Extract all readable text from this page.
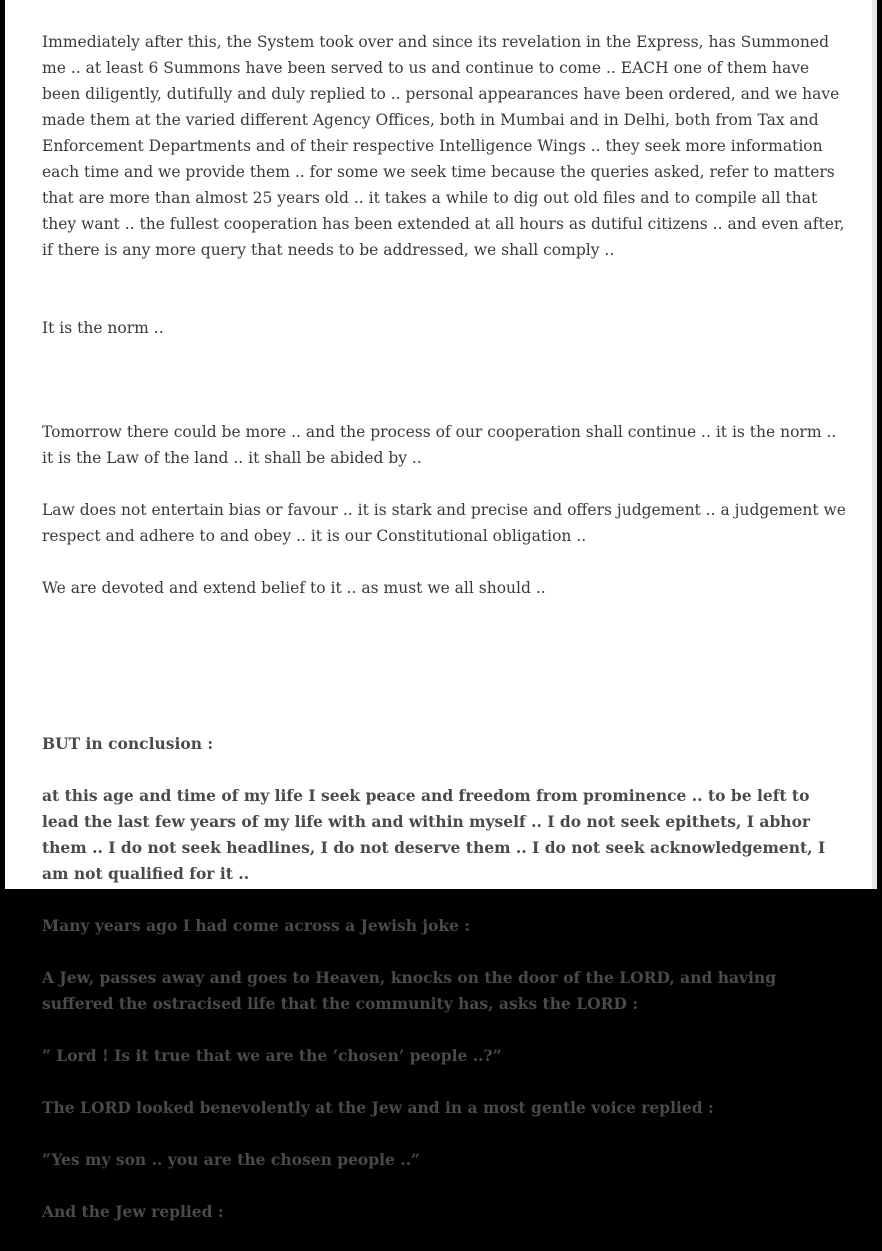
Immediately after this, the System took over and since its revelation in the Express, has Summoned me .. at least 6 Summons have been served to us and continue to come .. EACH one of them have been diligently, dutifully and duly replied to .. personal appearances have been ordered, and we have made them at the varied different Agency Offices, both in Mumbai and in Delhi, both from Tax and Enforcement Departments and of their respective Intelligence Wings .. they seek more information each time and we provide them .. for some we seek time because the queries asked, refer to matters that are more than almost 25 years old .. it takes a while to dig out old files and to compile all that they want .. the fullest cooperation has been extended at all hours as dutiful citizens .. and even after, if there is any more query that needs to be addressed, we shall comply ..

It is the norm ..

Tomorrow there could be more .. and the process of our cooperation shall continue .. it is the norm .. it is the Law of the land .. it shall be abided by ..

Law does not entertain bias or favour .. it is stark and precise and offers judgement .. a judgement we respect and adhere to and obey .. it is our Constitutional obligation ..

We are devoted and extend belief to it .. as must we all should ..

BUT in conclusion :

at this age and time of my life I seek peace and freedom from prominence .. to be left to lead the last few years of my life with and within myself .. I do not seek epithets, I abhor them .. I do not seek headlines, I do not deserve them .. I do not seek acknowledgement, I am not qualified for it ..

Many years ago I had come across a Jewish joke :

A Jew, passes away and goes to Heaven, knocks on the door of the LORD, and having suffered the ostracised life that the community has, asks the LORD :

“ Lord ! Is it true that we are the ‘chosen’ people ..?”

The LORD looked benevolently at the Jew and in a most gentle voice replied :

“Yes my son .. you are the chosen people ..”

And the Jew replied :
